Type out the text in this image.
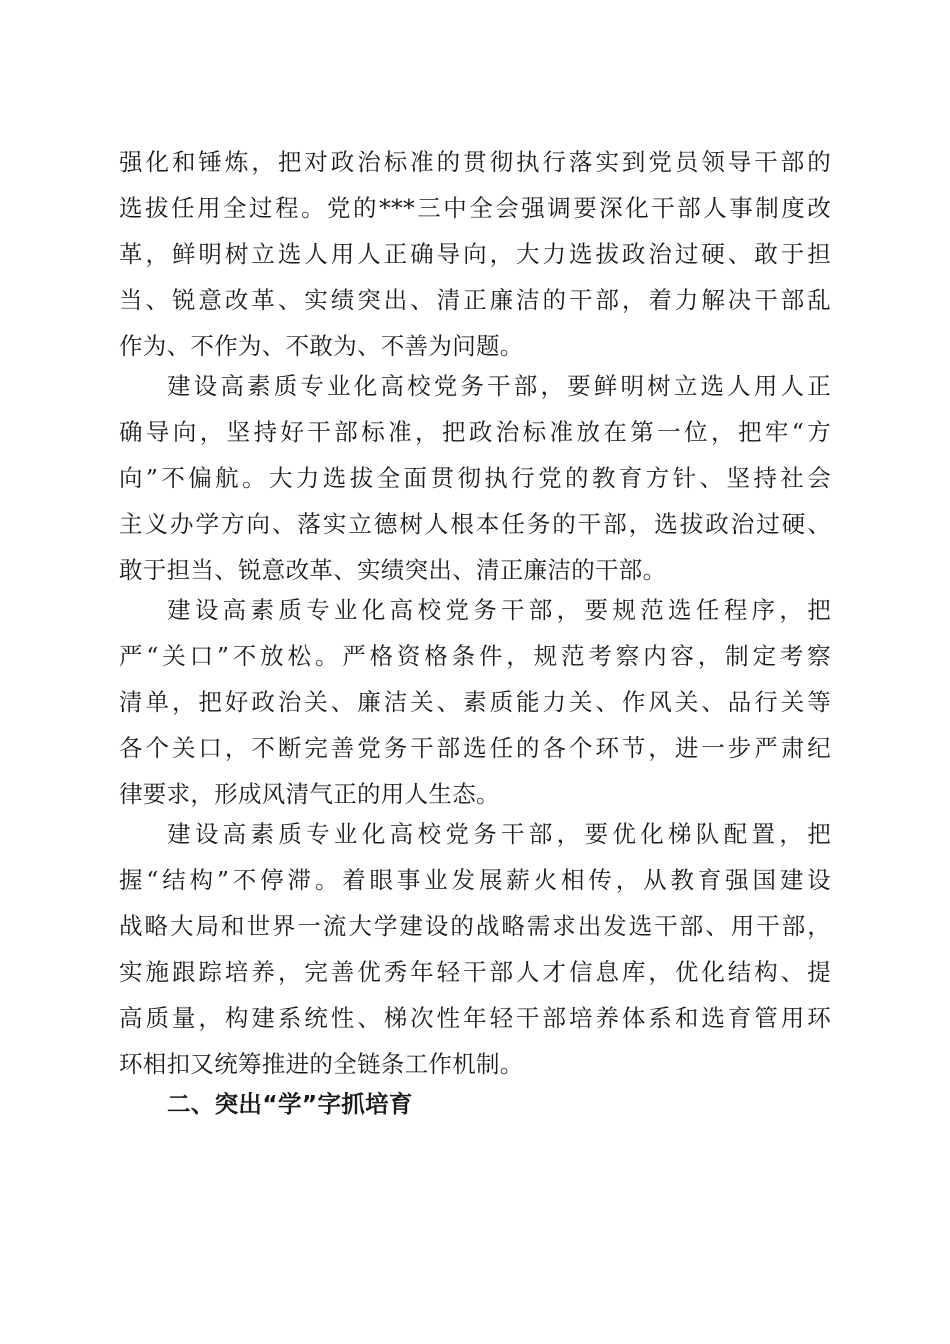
强化和锤炼，把对政治标准的贯彻执行落实到党员领导干部的
选拔任用全过程。党的***三中全会强调要深化干部人事制度改
革，鲜明树立选人用人正确导向，大力选拔政治过硬、敢于担
当、锐意改革、实绩突出、清正廉洁的干部，着力解决干部乱
作为、不作为、不敢为、不善为问题。
建设高素质专业化高校党务干部，要鲜明树立选人用人正
确导向，坚持好干部标准，把政治标准放在第一位，把牢“方
向”不偏航。大力选拔全面贯彻执行党的教育方针、坚持社会
主义办学方向、落实立德树人根本任务的干部，选拔政治过硬、
敢于担当、锐意改革、实绩突出、清正廉洁的干部。
建设高素质专业化高校党务干部，要规范选任程序，把
严“关口”不放松。严格资格条件，规范考察内容，制定考察
清单，把好政治关、廉洁关、素质能力关、作风关、品行关等
各个关口，不断完善党务干部选任的各个环节，进一步严肃纪
律要求，形成风清气正的用人生态。
建设高素质专业化高校党务干部，要优化梯队配置，把
握“结构”不停滞。着眼事业发展薪火相传，从教育强国建设
战略大局和世界一流大学建设的战略需求出发选干部、用干部，
实施跟踪培养，完善优秀年轻干部人才信息库，优化结构、提
高质量，构建系统性、梯次性年轻干部培养体系和选育管用环
环相扣又统筹推进的全链条工作机制。
二、突出“学”字抓培育
